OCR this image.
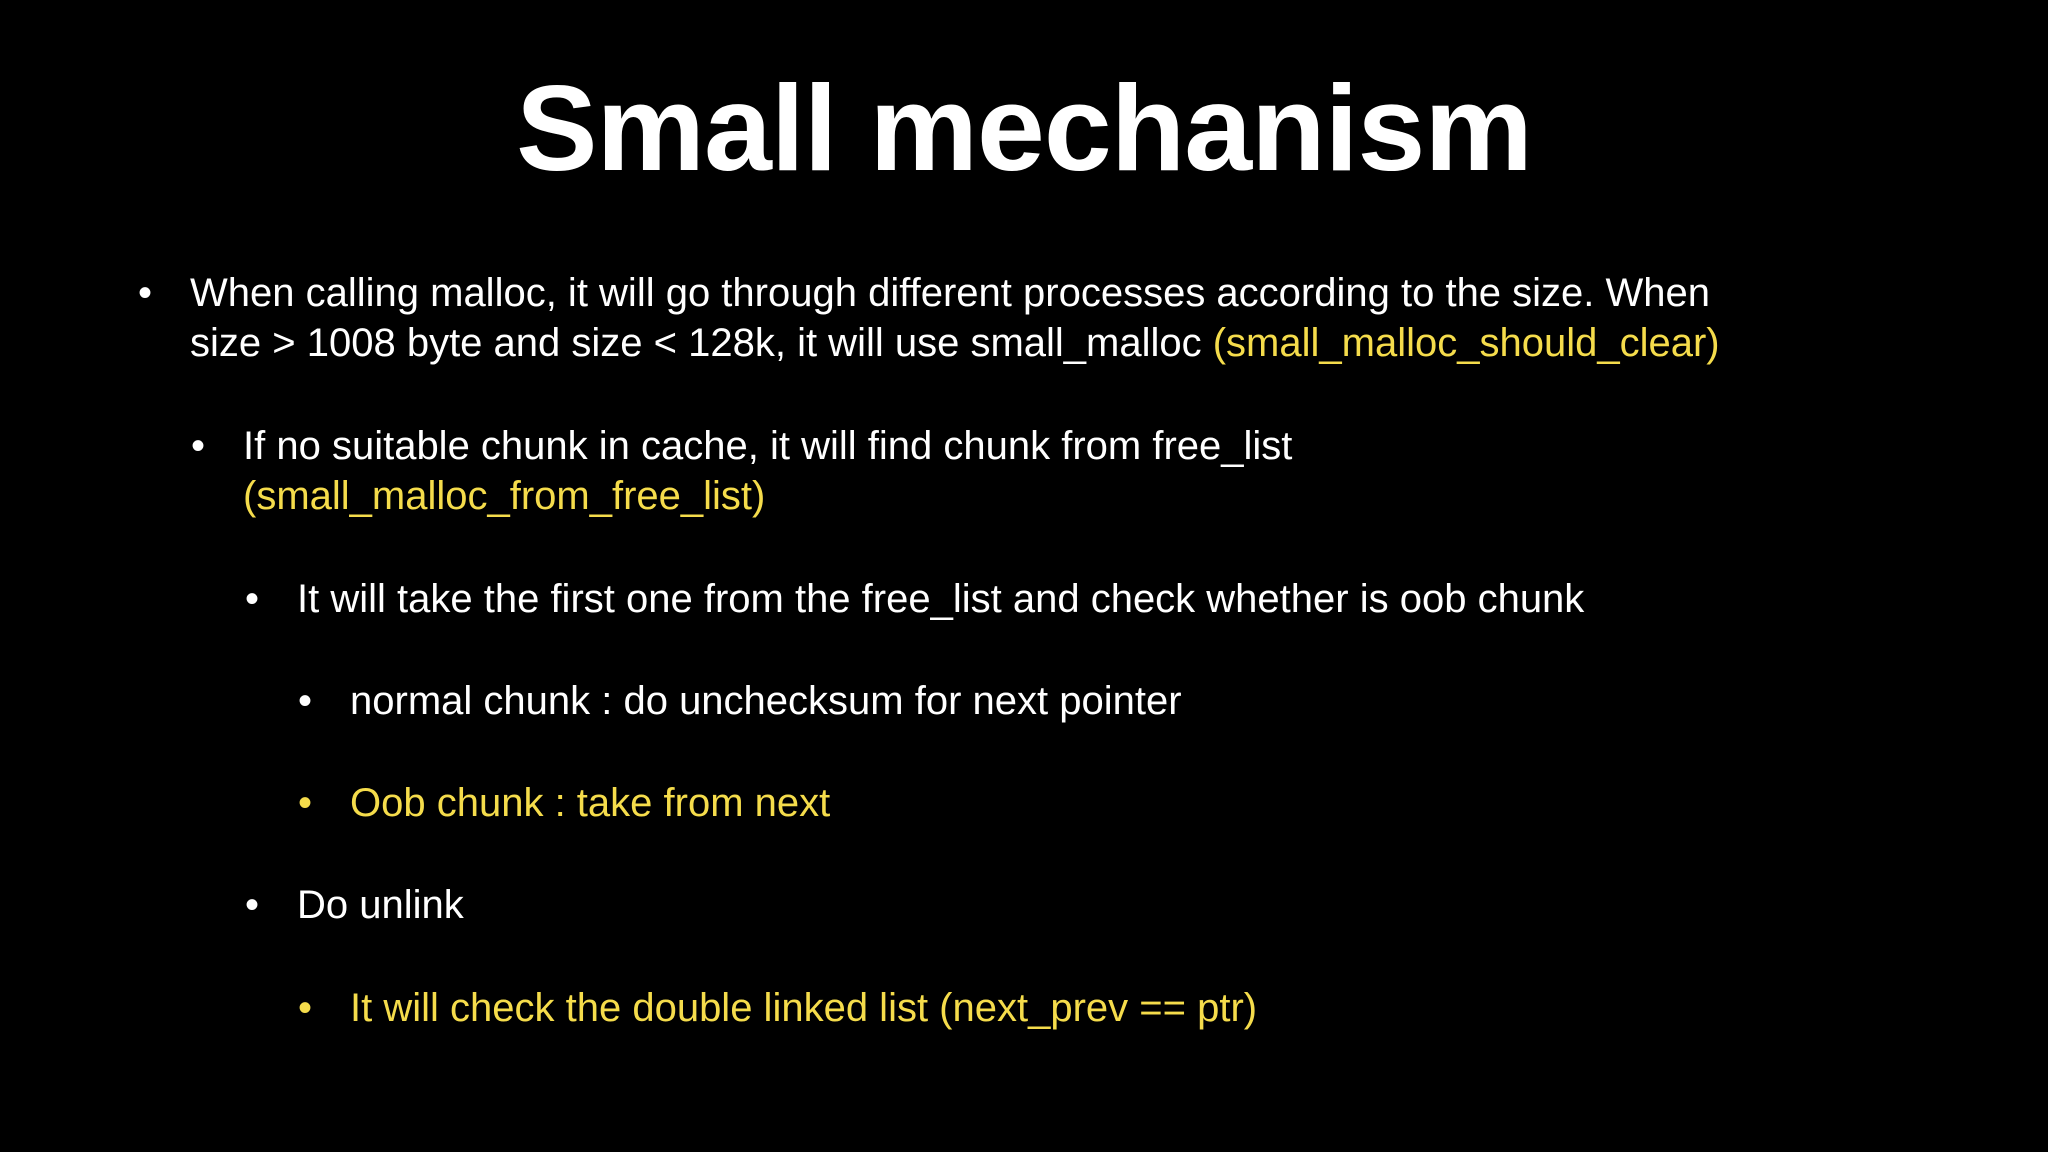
Small mechanism
• When calling malloc, it will go through different processes according to the size. When
size > 1008 byte and size < 128k, it will use small_malloc (small_malloc_should_clear)
• If no suitable chunk in cache, it will find chunk from free_list
(small_malloc_from_free_list)
• It will take the first one from the free_list and check whether is oob chunk
• normal chunk : do unchecksum for next pointer
• Oob chunk : take from next
• Do unlink
• It will check the double linked list (next_prev == ptr)
